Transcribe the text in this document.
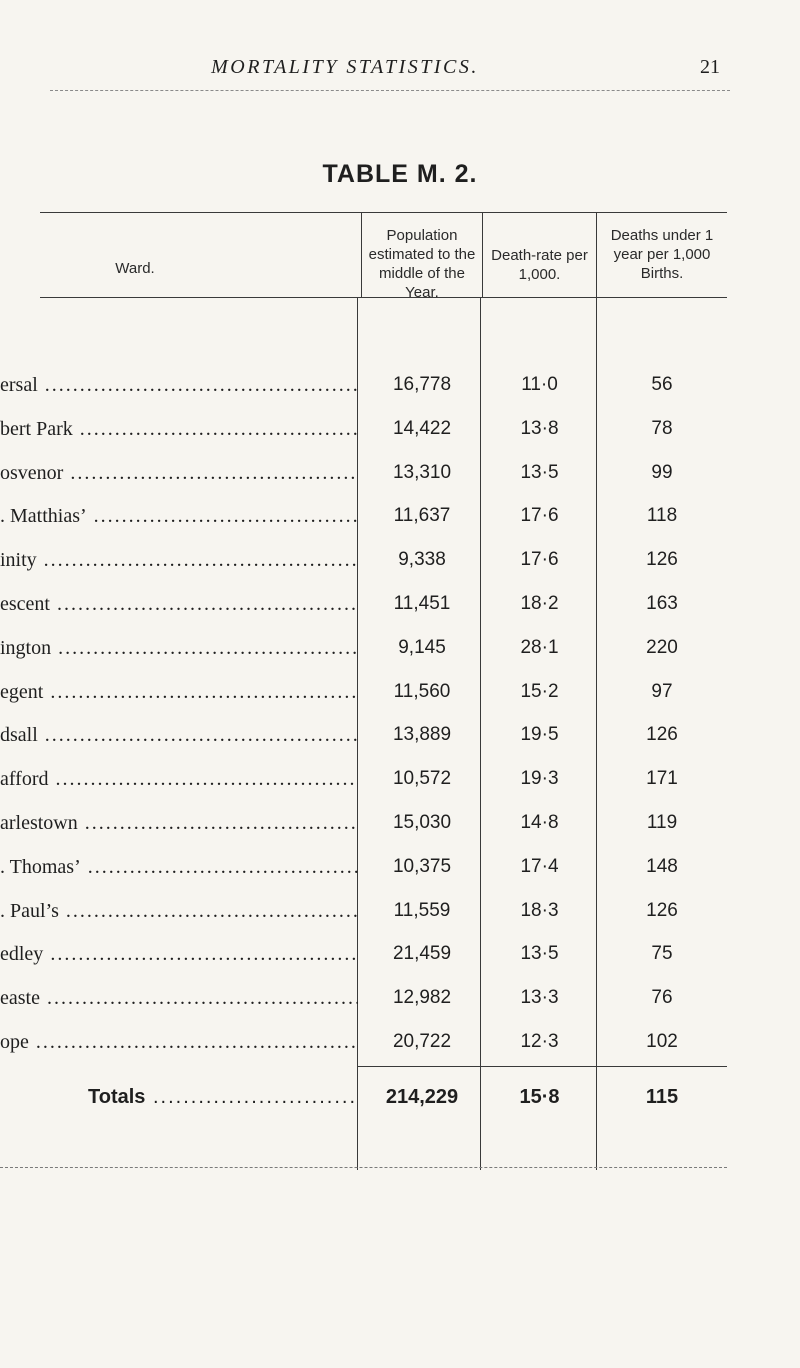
MORTALITY STATISTICS.	21
TABLE M. 2.
Ward.
Population estimated to the middle of the Year.
Death-rate per 1,000.
Deaths under 1 year per 1,000 Births.
ersal .....	16,778	11·0	56
bert Park .....	14,422	13·8	78
osvenor .....	13,310	13·5	99
. Matthias’ .....	11,637	17·6	118
inity .....	9,338	17·6	126
escent .....	11,451	18·2	163
ington .....	9,145	28·1	220
egent .....	11,560	15·2	97
dsall .....	13,889	19·5	126
afford .....	10,572	19·3	171
arlestown .....	15,030	14·8	119
. Thomas’ .....	10,375	17·4	148
. Paul’s .....	11,559	18·3	126
edley .....	21,459	13·5	75
easte .....	12,982	13·3	76
ope .....	20,722	12·3	102
Totals .....	214,229	15·8	115
